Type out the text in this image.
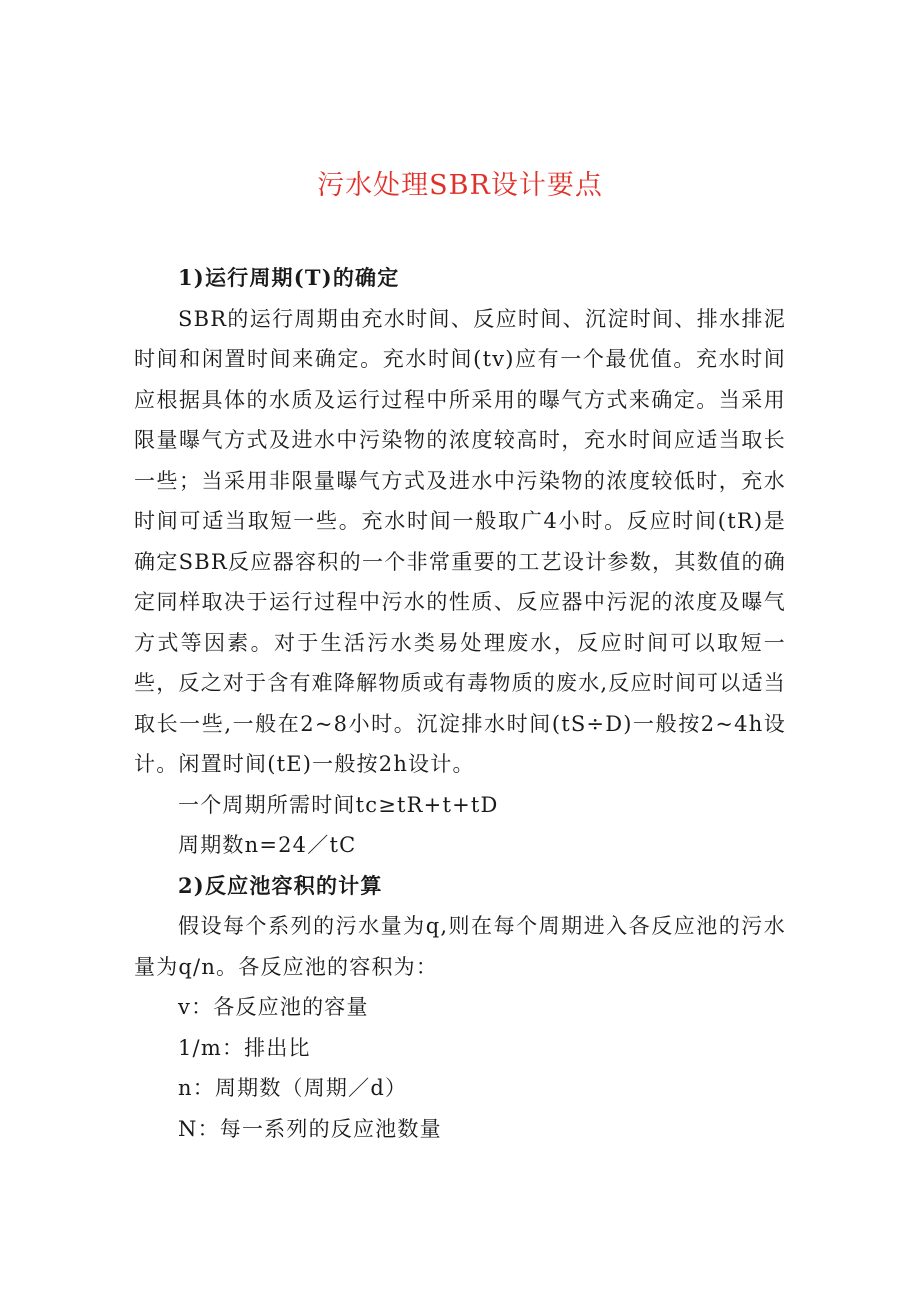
污水处理SBR设计要点

1)运行周期(T)的确定

SBR的运行周期由充水时间、反应时间、沉淀时间、排水排泥时间和闲置时间来确定。充水时间(tv)应有一个最优值。充水时间应根据具体的水质及运行过程中所采用的曝气方式来确定。当采用限量曝气方式及进水中污染物的浓度较高时，充水时间应适当取长一些；当采用非限量曝气方式及进水中污染物的浓度较低时，充水时间可适当取短一些。充水时间一般取广4小时。反应时间(tR)是确定SBR反应器容积的一个非常重要的工艺设计参数，其数值的确定同样取决于运行过程中污水的性质、反应器中污泥的浓度及曝气方式等因素。对于生活污水类易处理废水，反应时间可以取短一些，反之对于含有难降解物质或有毒物质的废水,反应时间可以适当取长一些,一般在2~8小时。沉淀排水时间(tS÷D)一般按2~4h设计。闲置时间(tE)一般按2h设计。

一个周期所需时间tc≥tR+t+tD

周期数n=24／tC

2)反应池容积的计算

假设每个系列的污水量为q,则在每个周期进入各反应池的污水量为q/n。各反应池的容积为：

v：各反应池的容量

1/m：排出比

n：周期数（周期／d）

N：每一系列的反应池数量
